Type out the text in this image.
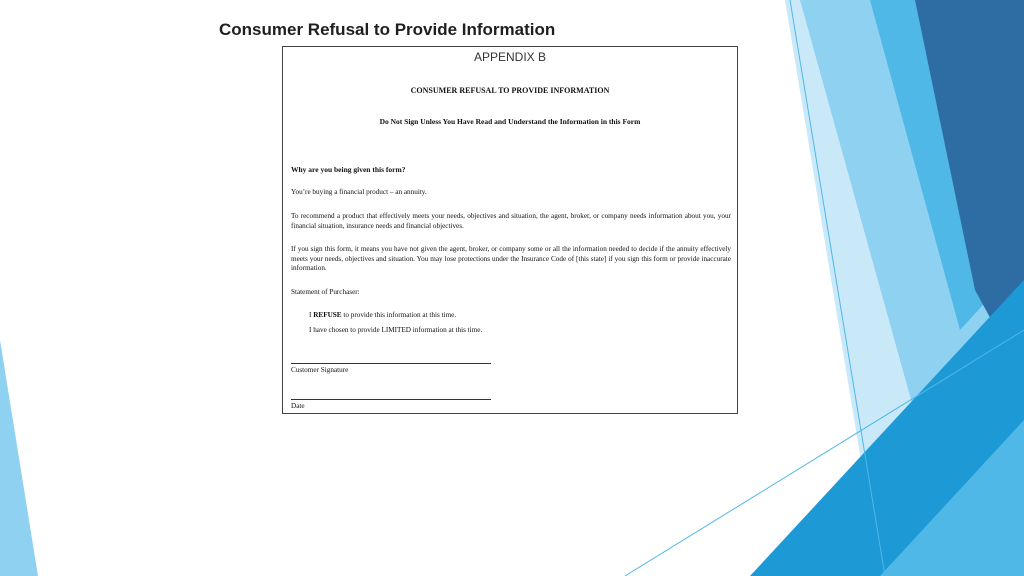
Consumer Refusal to Provide Information
APPENDIX B
CONSUMER REFUSAL TO PROVIDE INFORMATION
Do Not Sign Unless You Have Read and Understand the Information in this Form
Why are you being given this form?
You’re buying a financial product – an annuity.
To recommend a product that effectively meets your needs, objectives and situation, the agent, broker, or company needs information about you, your financial situation, insurance needs and financial objectives.
If you sign this form, it means you have not given the agent, broker, or company some or all the information needed to decide if the annuity effectively meets your needs, objectives and situation. You may lose protections under the Insurance Code of [this state] if you sign this form or provide inaccurate information.
Statement of Purchaser:
I REFUSE to provide this information at this time.
I have chosen to provide LIMITED information at this time.
Customer Signature
Date
